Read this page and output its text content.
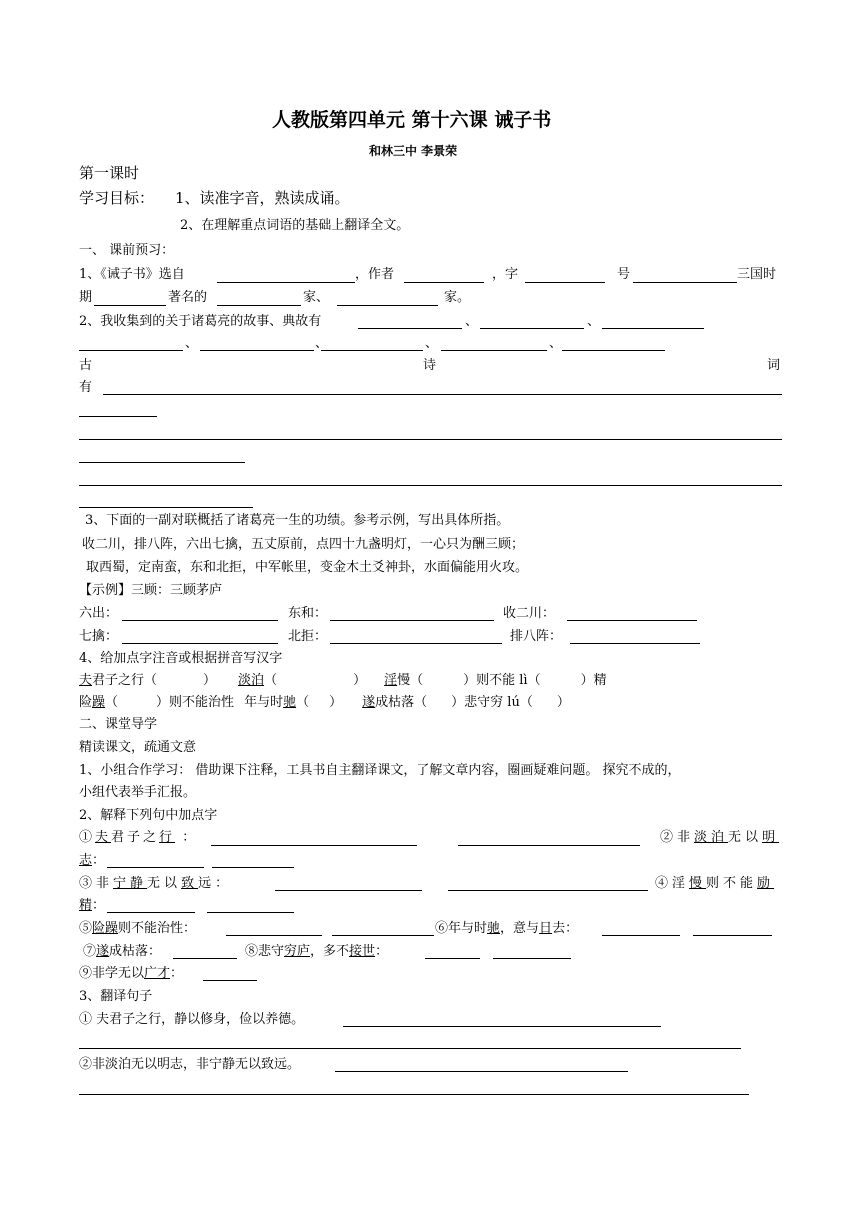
人教版第四单元 第十六课 诫子书
和林三中 李景荣
第一课时
学习目标： 1、读准字音，熟读成诵。
2、在理解重点词语的基础上翻译全文。
一、 课前预习：
1、《诫子书》选自	，作者	，字	号	三国时
期	著名的	家、	家。
2、我收集到的关于诸葛亮的故事、典故有	、	、
、	、	、	、
古	诗	词
有
3、下面的一副对联概括了诸葛亮一生的功绩。参考示例，写出具体所指。
收二川，排八阵，六出七擒，五丈原前，点四十九盏明灯，一心只为酬三顾；
取西蜀，定南蛮，东和北拒，中军帐里，变金木土爻神卦，水面偏能用火攻。
【示例】三顾：三顾茅庐
六出：	东和：	收二川：
七擒：	北拒：	排八阵：
4、给加点字注音或根据拼音写汉字
夫君子之行（	） 淡泊（	） 淫慢（	）则不能 lì（	）精
险躁（	）则不能治性 年与时驰（ ） 遂成枯落（ ）悲守穷 lú（ ）
二、课堂导学
精读课文，疏通文意
1、小组合作学习： 借助课下注释，工具书自主翻译课文，了解文章内容，圈画疑难问题。 探究不成的，
小组代表举手汇报。
2、解释下列句中加点字
①夫君子之行 ：	②非淡泊无以明
志：
③非宁静无以致远：	④淫慢则不能励
精：
⑤险躁则不能治性：	⑥年与时驰，意与日去：
⑦遂成枯落：	⑧悲守穷庐，多不接世：
⑨非学无以广才：
3、翻译句子
① 夫君子之行，静以修身，俭以养德。
②非淡泊无以明志，非宁静无以致远。
